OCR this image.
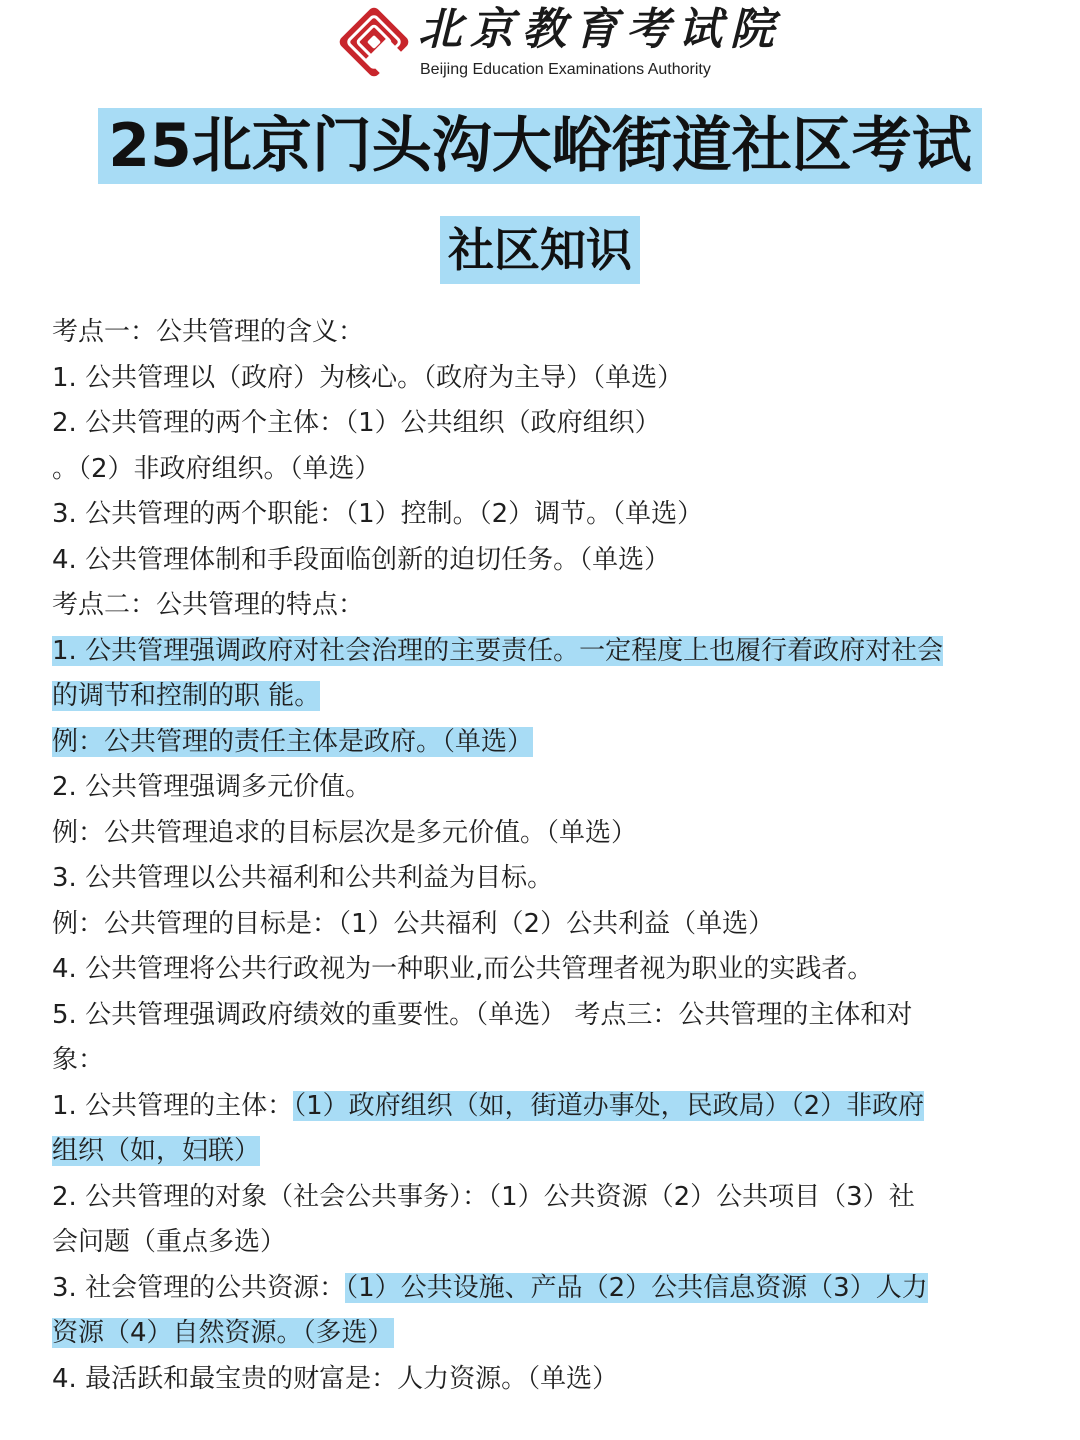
北京教育考试院
Beijing Education Examinations Authority
25北京门头沟大峪街道社区考试
社区知识
考点一：公共管理的含义：
1. 公共管理以（政府）为核心。（政府为主导）（单选）
2. 公共管理的两个主体：（1）公共组织（政府组织）
。（2）非政府组织。（单选）
3. 公共管理的两个职能：（1）控制。（2）调节。（单选）
4. 公共管理体制和手段面临创新的迫切任务。（单选）
考点二：公共管理的特点：
1. 公共管理强调政府对社会治理的主要责任。一定程度上也履行着政府对社会
的调节和控制的职 能。
例：公共管理的责任主体是政府。（单选）
2. 公共管理强调多元价值。
例：公共管理追求的目标层次是多元价值。（单选）
3. 公共管理以公共福利和公共利益为目标。
例：公共管理的目标是：（1）公共福利（2）公共利益（单选）
4. 公共管理将公共行政视为一种职业,而公共管理者视为职业的实践者。
5. 公共管理强调政府绩效的重要性。（单选） 考点三：公共管理的主体和对
象：
1. 公共管理的主体：（1）政府组织（如，街道办事处，民政局）（2）非政府
组织（如，妇联）
2. 公共管理的对象（社会公共事务）：（1）公共资源（2）公共项目（3）社
会问题（重点多选）
3. 社会管理的公共资源：（1）公共设施、产品（2）公共信息资源（3）人力
资源（4）自然资源。（多选）
4. 最活跃和最宝贵的财富是：人力资源。（单选）
